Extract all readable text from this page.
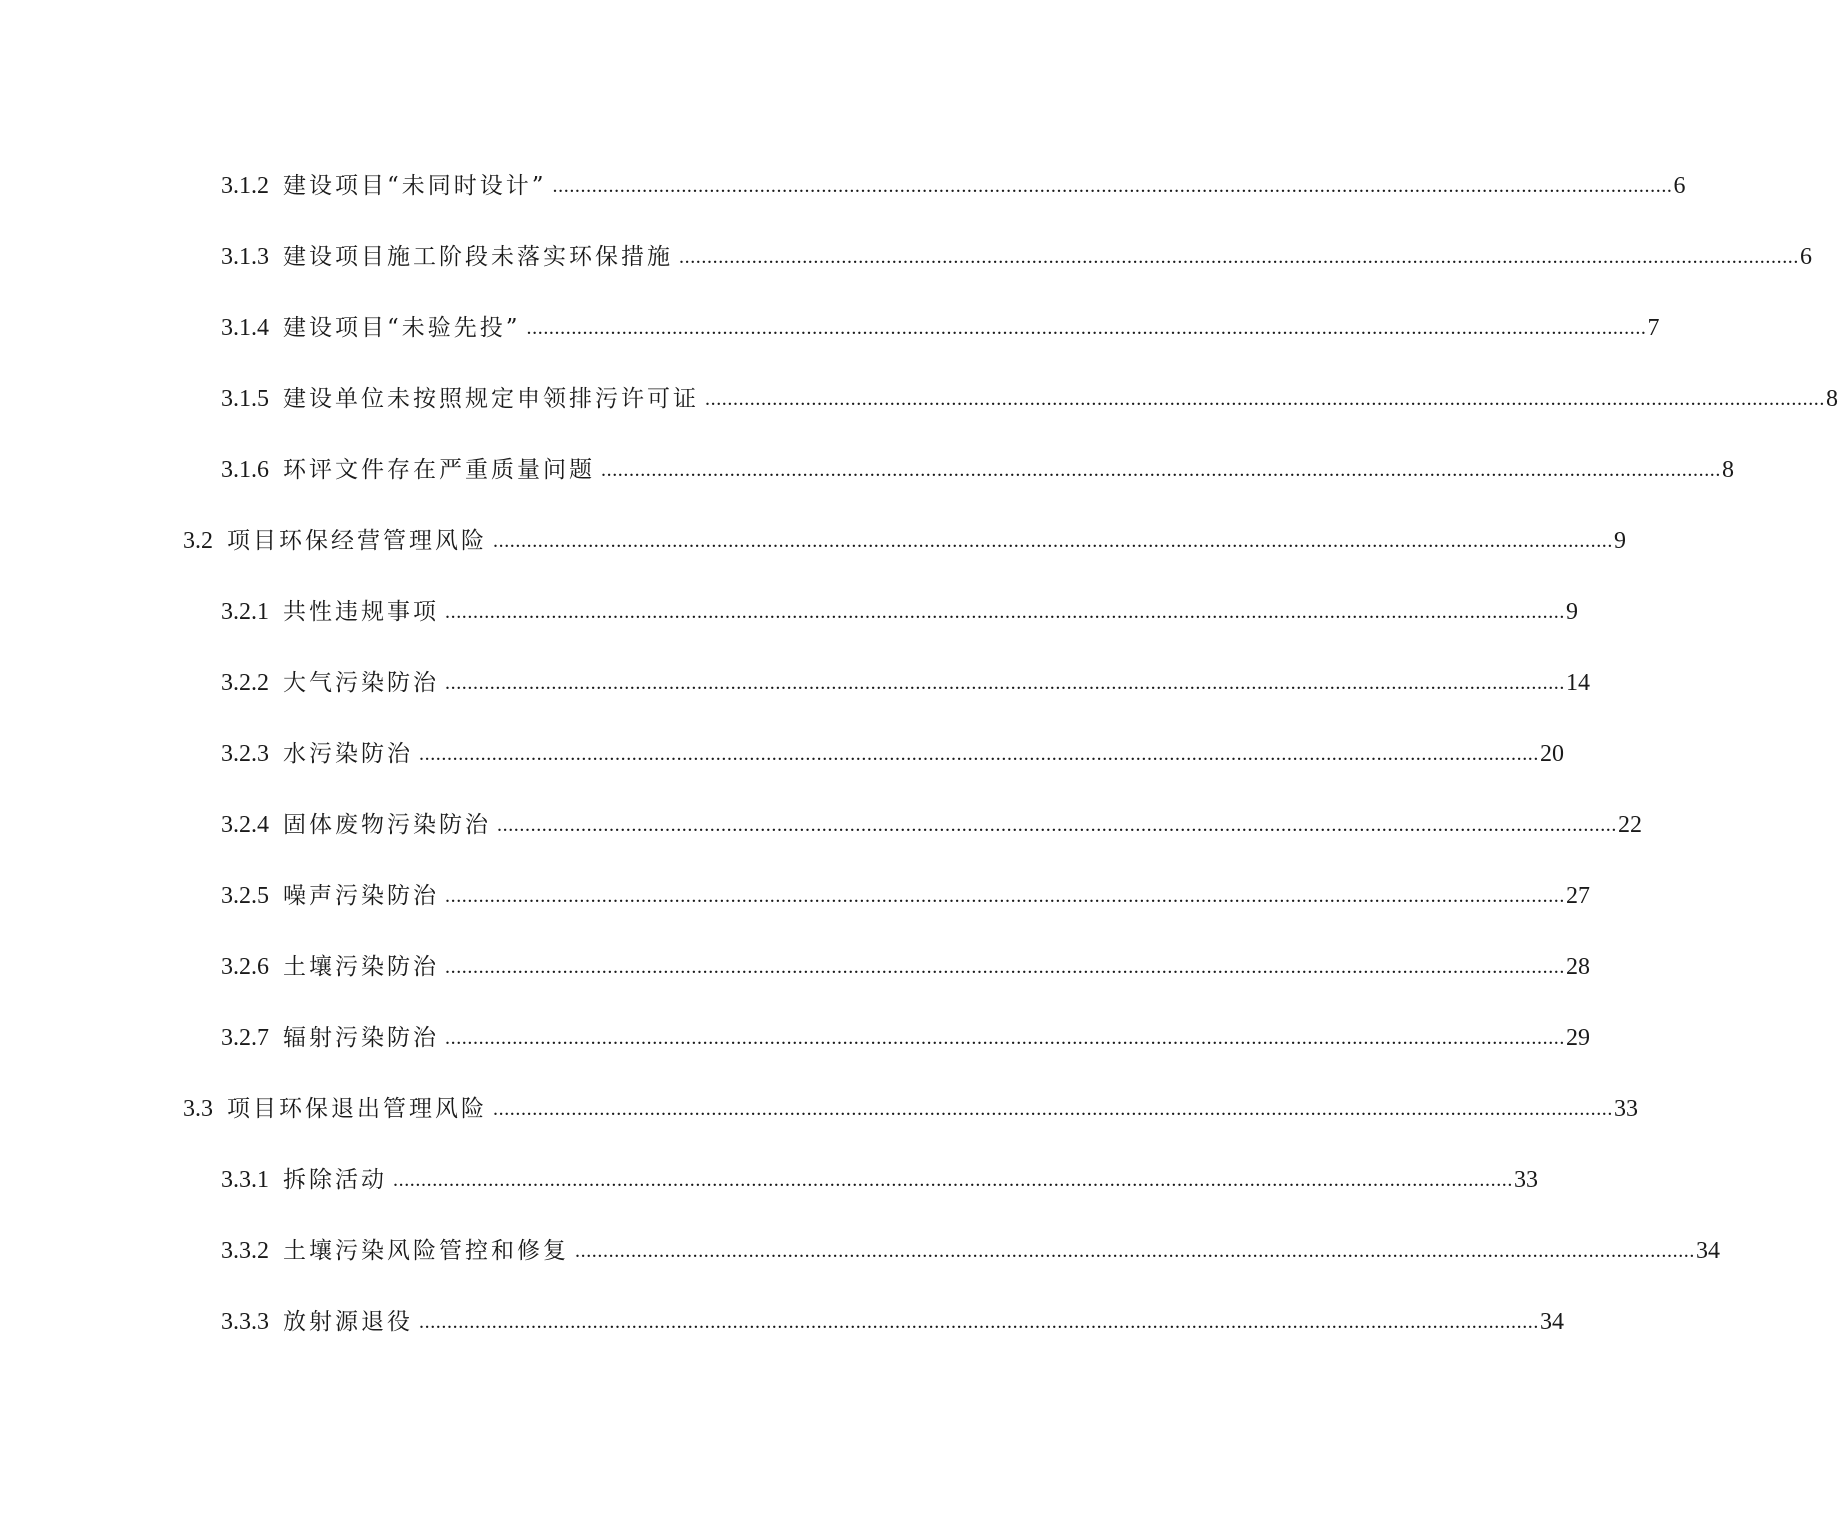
3.1.2 建设项目“未同时设计” ........................................................................................................................................................................................................ 6
3.1.3 建设项目施工阶段未落实环保措施 ........................................................................................................................................................................................................ 6
3.1.4 建设项目“未验先投” ........................................................................................................................................................................................................ 7
3.1.5 建设单位未按照规定申领排污许可证 ........................................................................................................................................................................................................ 8
3.1.6 环评文件存在严重质量问题 ........................................................................................................................................................................................................ 8
3.2 项目环保经营管理风险 ........................................................................................................................................................................................................ 9
3.2.1 共性违规事项 ........................................................................................................................................................................................................ 9
3.2.2 大气污染防治 ........................................................................................................................................................................................................ 14
3.2.3 水污染防治 ........................................................................................................................................................................................................ 20
3.2.4 固体废物污染防治 ........................................................................................................................................................................................................ 22
3.2.5 噪声污染防治 ........................................................................................................................................................................................................ 27
3.2.6 土壤污染防治 ........................................................................................................................................................................................................ 28
3.2.7 辐射污染防治 ........................................................................................................................................................................................................ 29
3.3 项目环保退出管理风险 ........................................................................................................................................................................................................ 33
3.3.1 拆除活动 ........................................................................................................................................................................................................ 33
3.3.2 土壤污染风险管控和修复 ........................................................................................................................................................................................................ 34
3.3.3 放射源退役 ........................................................................................................................................................................................................ 34
